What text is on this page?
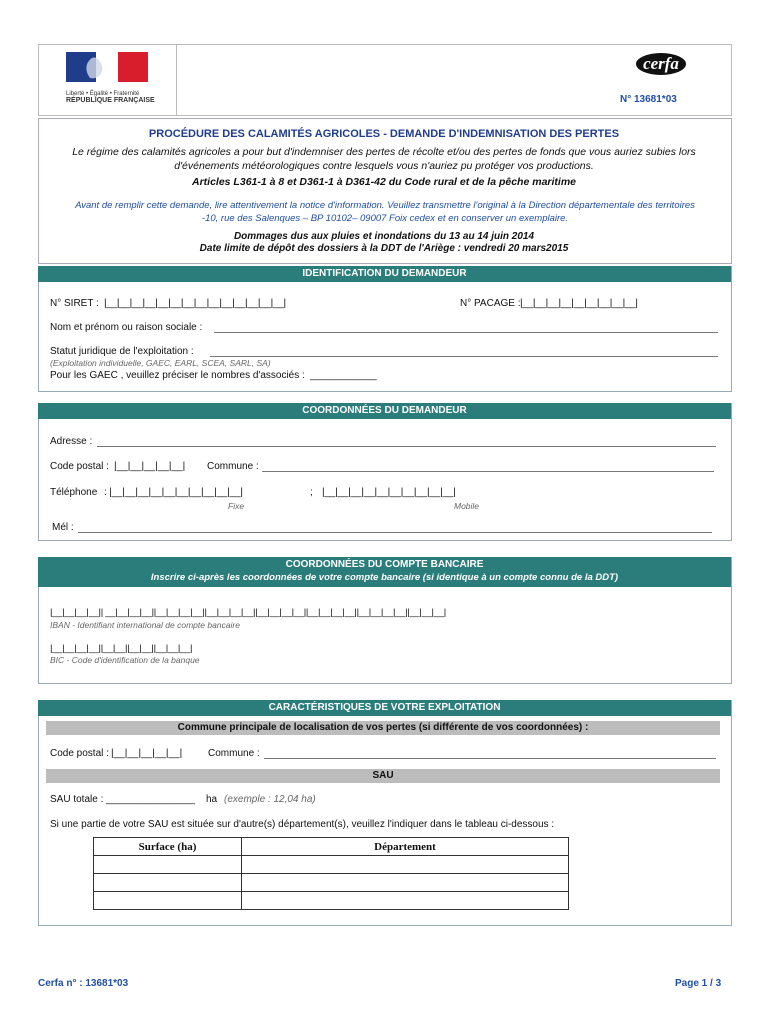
Liberté • Égalité • Fraternité
RÉPUBLIQUE FRANÇAISE
cerfa
N° 13681*03
PROCÉDURE DES CALAMITÉS AGRICOLES - DEMANDE D'INDEMNISATION DES PERTES
Le régime des calamités agricoles a pour but d'indemniser des pertes de récolte et/ou des pertes de fonds que vous auriez subies lors d'événements météorologiques contre lesquels vous n'auriez pu protéger vos productions.
Articles L361-1 à 8 et D361-1 à D361-42 du Code rural et de la pêche maritime
Avant de remplir cette demande, lire attentivement la notice d'information. Veuillez transmettre l'original à la Direction départementale des territoires -10, rue des Salenques – BP 10102– 09007 Foix cedex et en conserver un exemplaire.
Dommages dus aux pluies et inondations du 13 au 14 juin 2014
Date limite de dépôt des dossiers à la DDT de l'Ariège : vendredi 20 mars2015
IDENTIFICATION DU DEMANDEUR
N° SIRET : |__|__|__|__|__|__|__|__|__|__|__|__|__|__|	N° PACAGE : |__|__|__|__|__|__|__|__|__|
Nom et prénom ou raison sociale :
Statut juridique de l'exploitation :
(Exploitation individuelle, GAEC, EARL, SCEA, SARL, SA)
Pour les GAEC , veuillez préciser le nombres d'associés : ____________
COORDONNÉES DU DEMANDEUR
Adresse :
Code postal : |__|__|__|__|__| Commune :
Téléphone : |__|__|__|__|__|__|__|__|__|__|	; |__|__|__|__|__|__|__|__|__|__|
Fixe	Mobile
Mél :
COORDONNÉES DU COMPTE BANCAIRE
Inscrire ci-après les coordonnées de votre compte bancaire (si identique à un compte connu de la DDT)
|__|__|__|__|| __|__|__|__||__|__|__|__||__|__|__|__||__|__|__|__||__|__|__|__||__|__|__|__||__|__|__|
IBAN - Identifiant international de compte bancaire
|__|__|__|__||__|__||__|__||__|__|__|
BIC - Code d'identification de la banque
CARACTÉRISTIQUES DE VOTRE EXPLOITATION
Commune principale de localisation de vos pertes (si différente de vos coordonnées) :
Code postal : |__|__|__|__|__|	Commune :
SAU
SAU totale : ________________ ha (exemple : 12,04 ha)
Si une partie de votre SAU est située sur d'autre(s) département(s), veuillez l'indiquer dans le tableau ci-dessous :
Surface (ha)	Département

Cerfa n° : 13681*03	Page 1 / 3
